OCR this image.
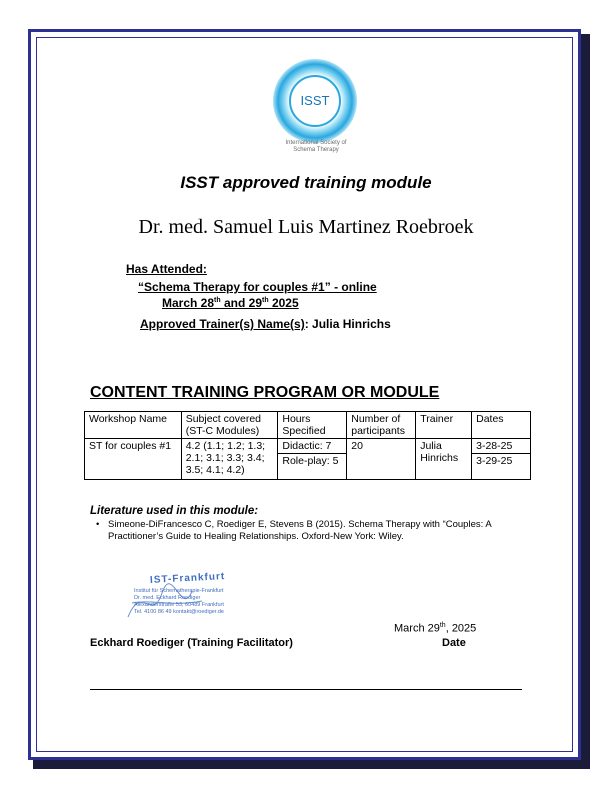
ISST
International Society of
Schema Therapy
ISST approved training module
Dr. med. Samuel Luis Martinez Roebroek
Has Attended:
“Schema Therapy for couples #1” - online
March 28th and 29th 2025
Approved Trainer(s) Name(s): Julia Hinrichs
CONTENT TRAINING PROGRAM OR MODULE
Workshop Name	Subject covered (ST-C Modules)	Hours Specified	Number of participants	Trainer	Dates
ST for couples #1	4.2 (1.1; 1.2; 1.3; 2.1; 3.1; 3.3; 3.4; 3.5; 4.1; 4.2)	Didactic: 7	20	Julia Hinrichs	3-28-25
		Role-play: 5			3-29-25
Literature used in this module:
• Simeone-DiFrancesco C, Roediger E, Stevens B (2015). Schema Therapy with “Couples: A Practitioner’s Guide to Healing Relationships. Oxford-New York: Wiley.
IST-Frankfurt
Institut für Schematherapie-Frankfurt
Dr. med. Eckhard Roediger
Alexanderstraße 53, 60489 Frankfurt
Tel. 4100 86 49 kontakt@roediger.de
March 29th, 2025
Eckhard Roediger (Training Facilitator)	Date
